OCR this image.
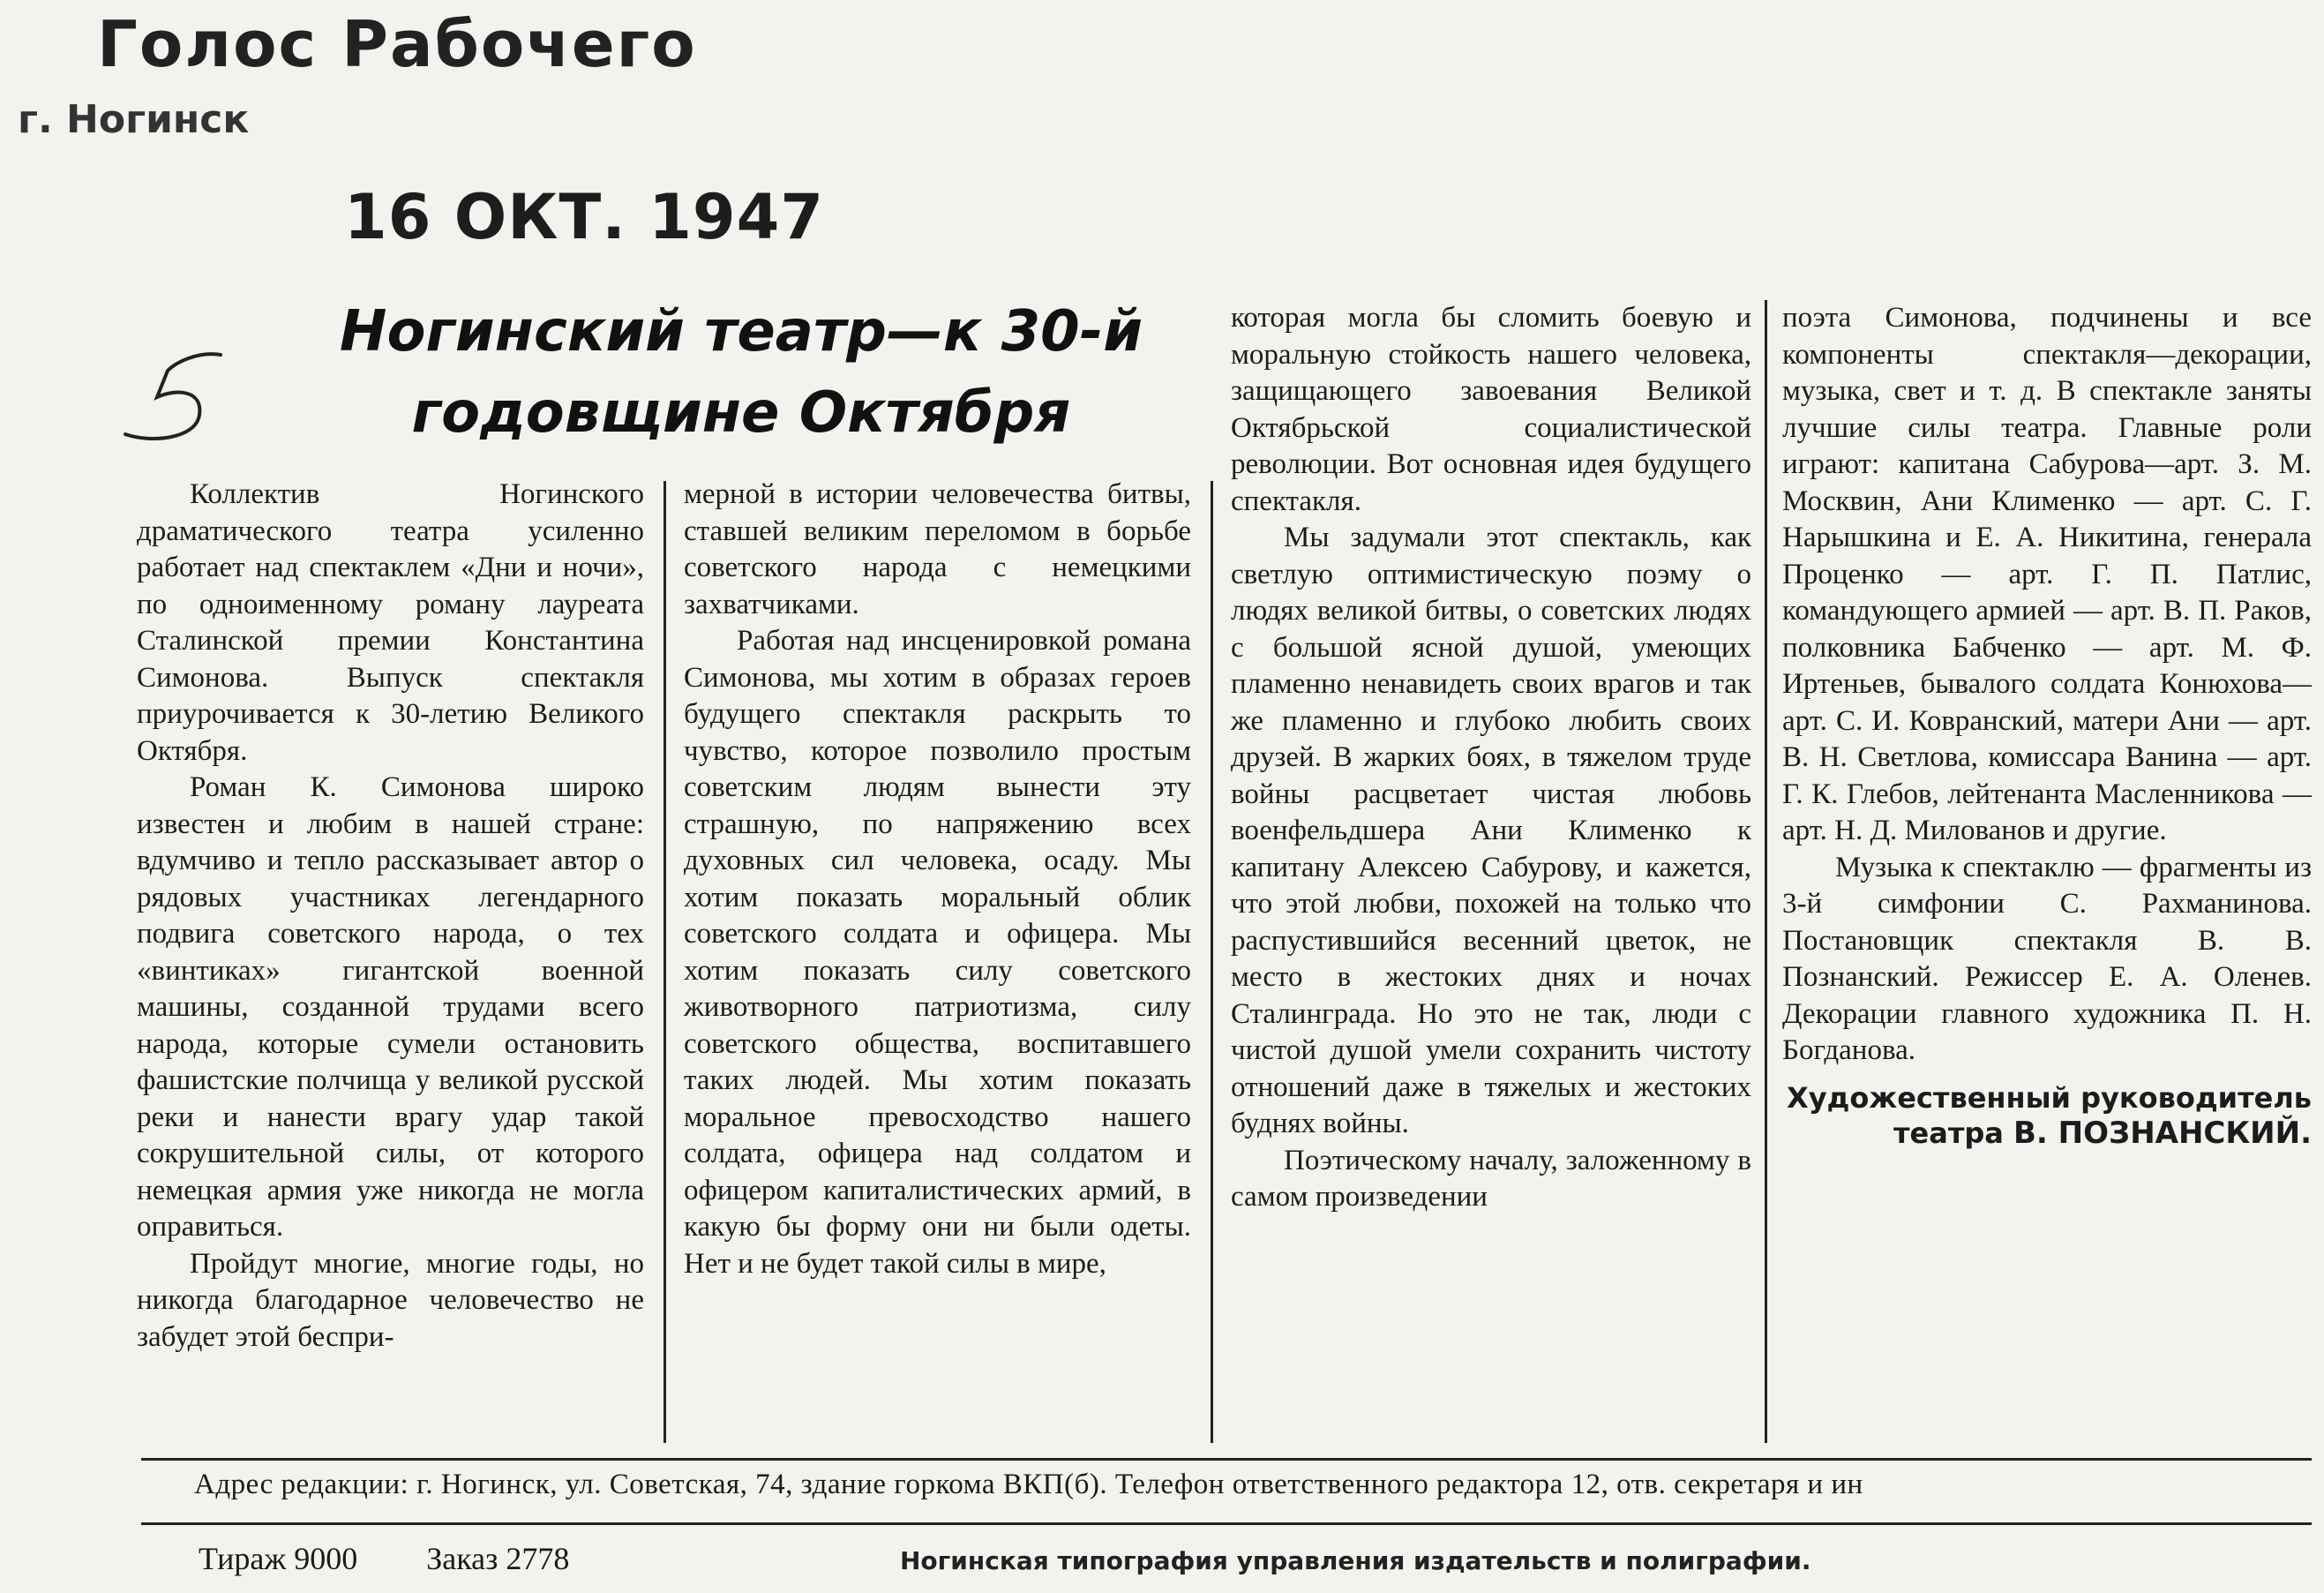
Голос Рабочего
г. Ногинск
16 ОКТ. 1947
Ногинский театр—к 30-й
годовщине Октября

Коллектив Ногинского драматического театра усиленно работает над спектаклем «Дни и ночи», по одноименному роману лауреата Сталинской премии Константина Симонова. Выпуск спектакля приурочивается к 30-летию Великого Октября.

Роман К. Симонова широко известен и любим в нашей стране: вдумчиво и тепло рассказывает автор о рядовых участниках легендарного подвига советского народа, о тех «винтиках» гигантской военной машины, созданной трудами всего народа, которые сумели остановить фашистские полчища у великой русской реки и нанести врагу удар такой сокрушительной силы, от которого немецкая армия уже никогда не могла оправиться.

Пройдут многие, многие годы, но никогда благодарное человечество не забудет этой беспри-

мерной в истории человечества битвы, ставшей великим переломом в борьбе советского народа с немецкими захватчиками.

Работая над инсценировкой романа Симонова, мы хотим в образах героев будущего спектакля раскрыть то чувство, которое позволило простым советским людям вынести эту страшную, по напряжению всех духовных сил человека, осаду. Мы хотим показать моральный облик советского солдата и офицера. Мы хотим показать силу советского животворного патриотизма, силу советского общества, воспитавшего таких людей. Мы хотим показать моральное превосходство нашего солдата, офицера над солдатом и офицером капиталистических армий, в какую бы форму они ни были одеты. Нет и не будет такой силы в мире,

которая могла бы сломить боевую и моральную стойкость нашего человека, защищающего завоевания Великой Октябрьской социалистической революции. Вот основная идея будущего спектакля.

Мы задумали этот спектакль, как светлую оптимистическую поэму о людях великой битвы, о советских людях с большой ясной душой, умеющих пламенно ненавидеть своих врагов и так же пламенно и глубоко любить своих друзей. В жарких боях, в тяжелом труде войны расцветает чистая любовь военфельдшера Ани Клименко к капитану Алексею Сабурову, и кажется, что этой любви, похожей на только что распустившийся весенний цветок, не место в жестоких днях и ночах Сталинграда. Но это не так, люди с чистой душой умели сохранить чистоту отношений даже в тяжелых и жестоких буднях войны.

Поэтическому началу, заложенному в самом произведении

поэта Симонова, подчинены и все компоненты спектакля—декорации, музыка, свет и т. д. В спектакле заняты лучшие силы театра. Главные роли играют: капитана Сабурова—арт. З. М. Москвин, Ани Клименко — арт. С. Г. Нарышкина и Е. А. Никитина, генерала Проценко — арт. Г. П. Патлис, командующего армией — арт. В. П. Раков, полковника Бабченко — арт. М. Ф. Иртеньев, бывалого солдата Конюхова— арт. С. И. Ковранский, матери Ани — арт. В. Н. Светлова, комиссара Ванина — арт. Г. К. Глебов, лейтенанта Масленникова — арт. Н. Д. Милованов и другие.

Музыка к спектаклю — фрагменты из 3-й симфонии С. Рахманинова. Постановщик спектакля В. В. Познанский. Режиссер Е. А. Оленев. Декорации главного художника П. Н. Богданова.

Художественный руководитель театра В. ПОЗНАНСКИЙ.
Адрес редакции: г. Ногинск, ул. Советская, 74, здание горкома ВКП(б). Телефон ответственного редактора 12, отв. секретаря и ин
Тираж 9000 Заказ 2778	Ногинская типография управления издательств и полиграфии.
